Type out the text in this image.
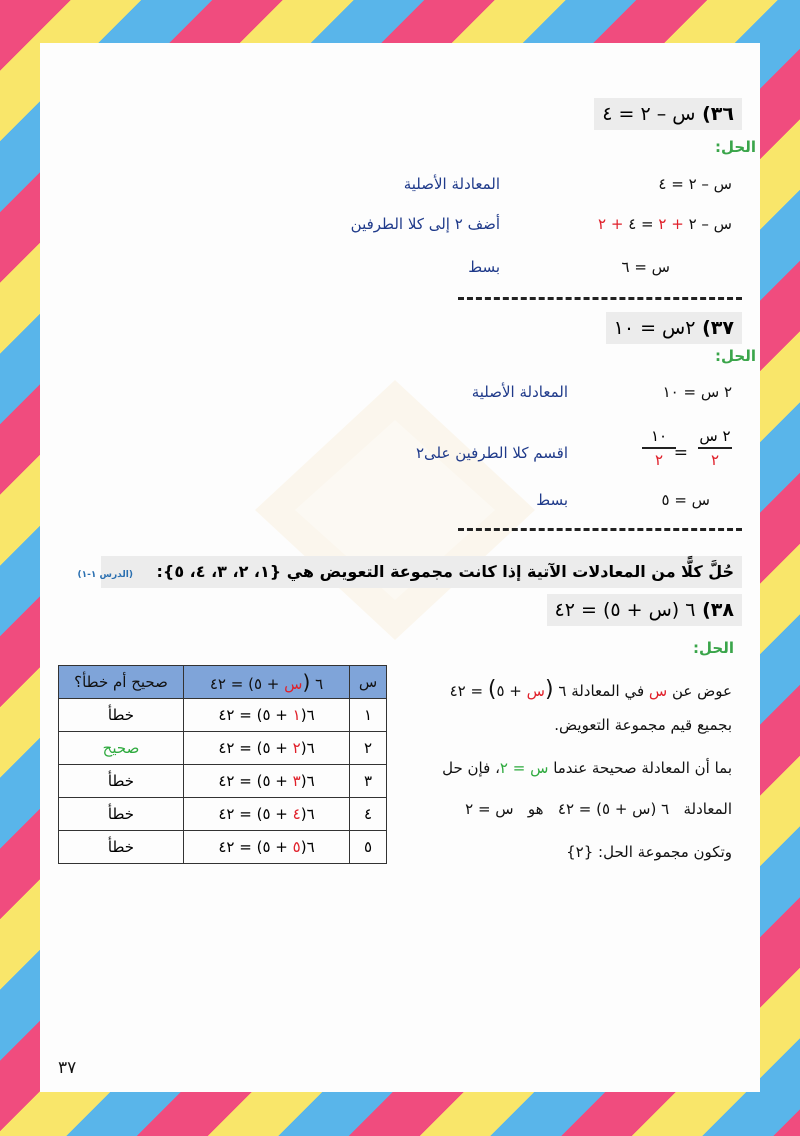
٣٦) س – ٢ = ٤
الحل:
س – ٢ = ٤
المعادلة الأصلية
س – ٢ + ٢ = ٤ + ٢
أضف ٢ إلى كلا الطرفين
س = ٦
بسط
٣٧) ٢س = ١٠
الحل:
٢ س = ١٠
المعادلة الأصلية
٢ س
٢
=
١٠
٢
اقسم كلا الطرفين على٢
س = ٥
بسط
حُلَّ كلًّا من المعادلات الآتية إذا كانت مجموعة التعويض هي {١، ٢، ٣، ٤، ٥}: (الدرس ١-١)
٣٨) ٦ (س + ٥) = ٤٢
الحل:
عوض عن س في المعادلة ٦ (س + ٥) = ٤٢
بجميع قيم مجموعة التعويض.
بما أن المعادلة صحيحة عندما س = ٢، فإن حل
المعادلة   ٦ (س + ٥) = ٤٢   هو   س = ٢
وتكون مجموعة الحل: {٢}
س	٦ (س + ٥) = ٤٢	صحيح أم خطأ؟
١	٦(١ + ٥) = ٤٢	خطأ
٢	٦(٢ + ٥) = ٤٢	صحيح
٣	٦(٣ + ٥) = ٤٢	خطأ
٤	٦(٤ + ٥) = ٤٢	خطأ
٥	٦(٥ + ٥) = ٤٢	خطأ
٣٧
